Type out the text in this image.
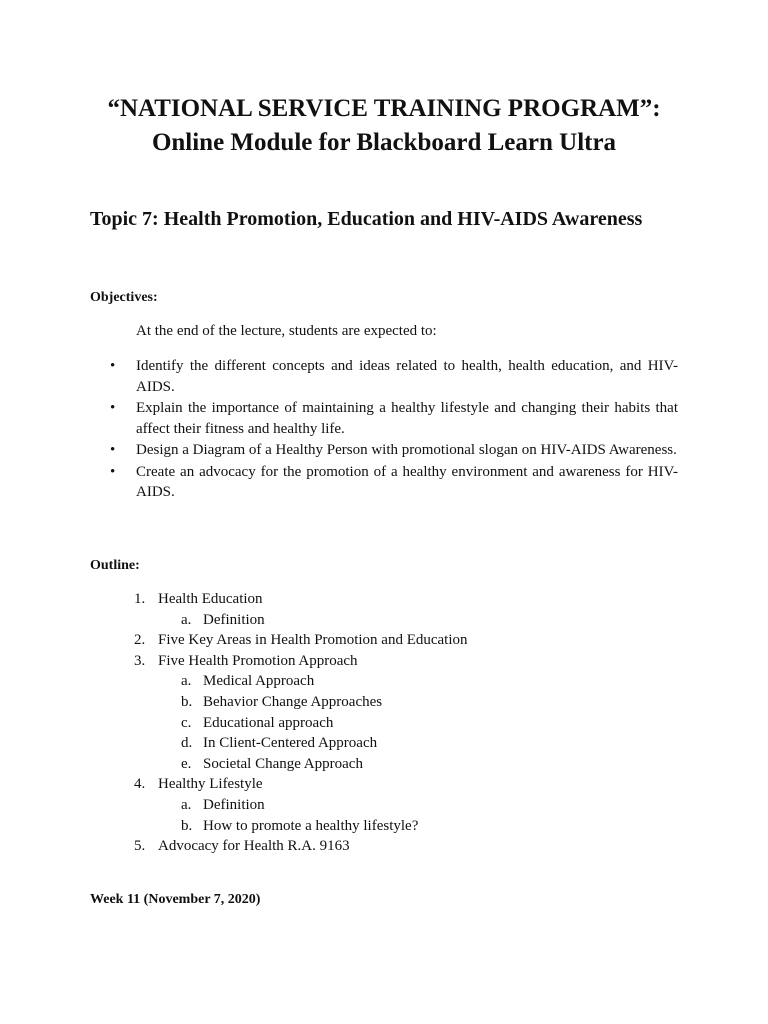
“NATIONAL SERVICE TRAINING PROGRAM”:
Online Module for Blackboard Learn Ultra
Topic 7: Health Promotion, Education and HIV-AIDS Awareness
Objectives:
At the end of the lecture, students are expected to:
• Identify the different concepts and ideas related to health, health education, and HIV-AIDS.
• Explain the importance of maintaining a healthy lifestyle and changing their habits that affect their fitness and healthy life.
• Design a Diagram of a Healthy Person with promotional slogan on HIV-AIDS Awareness.
• Create an advocacy for the promotion of a healthy environment and awareness for HIV-AIDS.
Outline:
1. Health Education
a. Definition
2. Five Key Areas in Health Promotion and Education
3. Five Health Promotion Approach
a. Medical Approach
b. Behavior Change Approaches
c. Educational approach
d. In Client-Centered Approach
e. Societal Change Approach
4. Healthy Lifestyle
a. Definition
b. How to promote a healthy lifestyle?
5. Advocacy for Health R.A. 9163
Week 11 (November 7, 2020)
